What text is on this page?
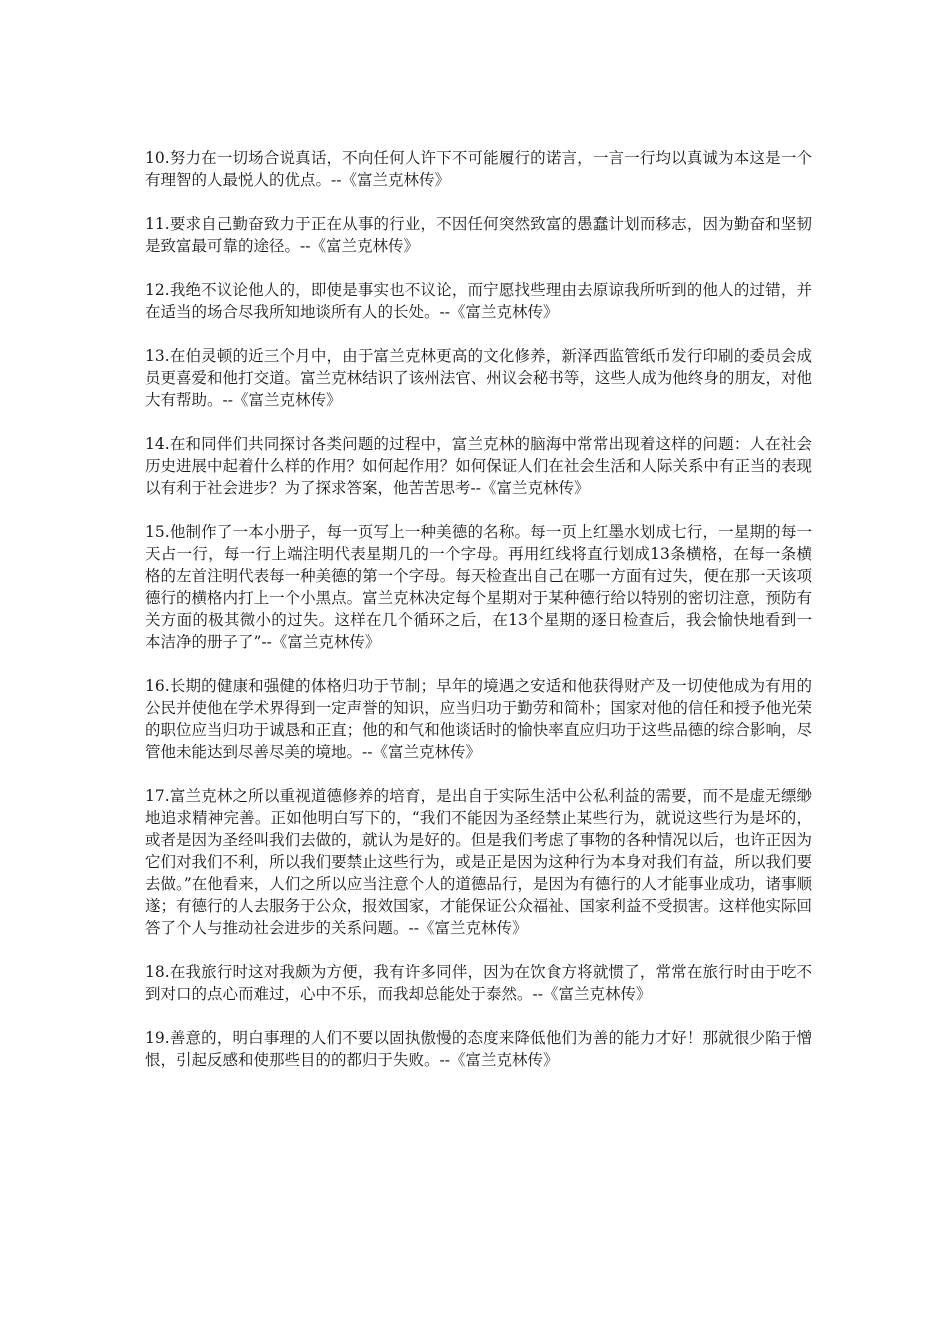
10.努力在一切场合说真话，不向任何人许下不可能履行的诺言，一言一行均以真诚为本这是一个有理智的人最悦人的优点。--《富兰克林传》

11.要求自己勤奋致力于正在从事的行业，不因任何突然致富的愚蠢计划而移志，因为勤奋和坚韧是致富最可靠的途径。--《富兰克林传》

12.我绝不议论他人的，即使是事实也不议论，而宁愿找些理由去原谅我所听到的他人的过错，并在适当的场合尽我所知地谈所有人的长处。--《富兰克林传》

13.在伯灵顿的近三个月中，由于富兰克林更高的文化修养，新泽西监管纸币发行印刷的委员会成员更喜爱和他打交道。富兰克林结识了该州法官、州议会秘书等，这些人成为他终身的朋友，对他大有帮助。--《富兰克林传》

14.在和同伴们共同探讨各类问题的过程中，富兰克林的脑海中常常出现着这样的问题：人在社会历史进展中起着什么样的作用？如何起作用？如何保证人们在社会生活和人际关系中有正当的表现以有利于社会进步？为了探求答案，他苦苦思考--《富兰克林传》

15.他制作了一本小册子，每一页写上一种美德的名称。每一页上红墨水划成七行，一星期的每一天占一行，每一行上端注明代表星期几的一个字母。再用红线将直行划成13条横格，在每一条横格的左首注明代表每一种美德的第一个字母。每天检查出自己在哪一方面有过失，便在那一天该项德行的横格内打上一个小黑点。富兰克林决定每个星期对于某种德行给以特别的密切注意，预防有关方面的极其微小的过失。这样在几个循环之后，在13个星期的逐日检查后，我会愉快地看到一本洁净的册子了”--《富兰克林传》

16.长期的健康和强健的体格归功于节制；早年的境遇之安适和他获得财产及一切使他成为有用的公民并使他在学术界得到一定声誉的知识，应当归功于勤劳和简朴；国家对他的信任和授予他光荣的职位应当归功于诚恳和正直；他的和气和他谈话时的愉快率直应归功于这些品德的综合影响，尽管他未能达到尽善尽美的境地。--《富兰克林传》

17.富兰克林之所以重视道德修养的培育，是出自于实际生活中公私利益的需要，而不是虚无缥缈地追求精神完善。正如他明白写下的，“我们不能因为圣经禁止某些行为，就说这些行为是坏的，或者是因为圣经叫我们去做的，就认为是好的。但是我们考虑了事物的各种情况以后，也许正因为它们对我们不利，所以我们要禁止这些行为，或是正是因为这种行为本身对我们有益，所以我们要去做。”在他看来，人们之所以应当注意个人的道德品行，是因为有德行的人才能事业成功，诸事顺遂；有德行的人去服务于公众，报效国家，才能保证公众福祉、国家利益不受损害。这样他实际回答了个人与推动社会进步的关系问题。--《富兰克林传》

18.在我旅行时这对我颇为方便，我有许多同伴，因为在饮食方将就惯了，常常在旅行时由于吃不到对口的点心而难过，心中不乐，而我却总能处于泰然。--《富兰克林传》

19.善意的，明白事理的人们不要以固执傲慢的态度来降低他们为善的能力才好！那就很少陷于憎恨，引起反感和使那些目的的都归于失败。--《富兰克林传》
